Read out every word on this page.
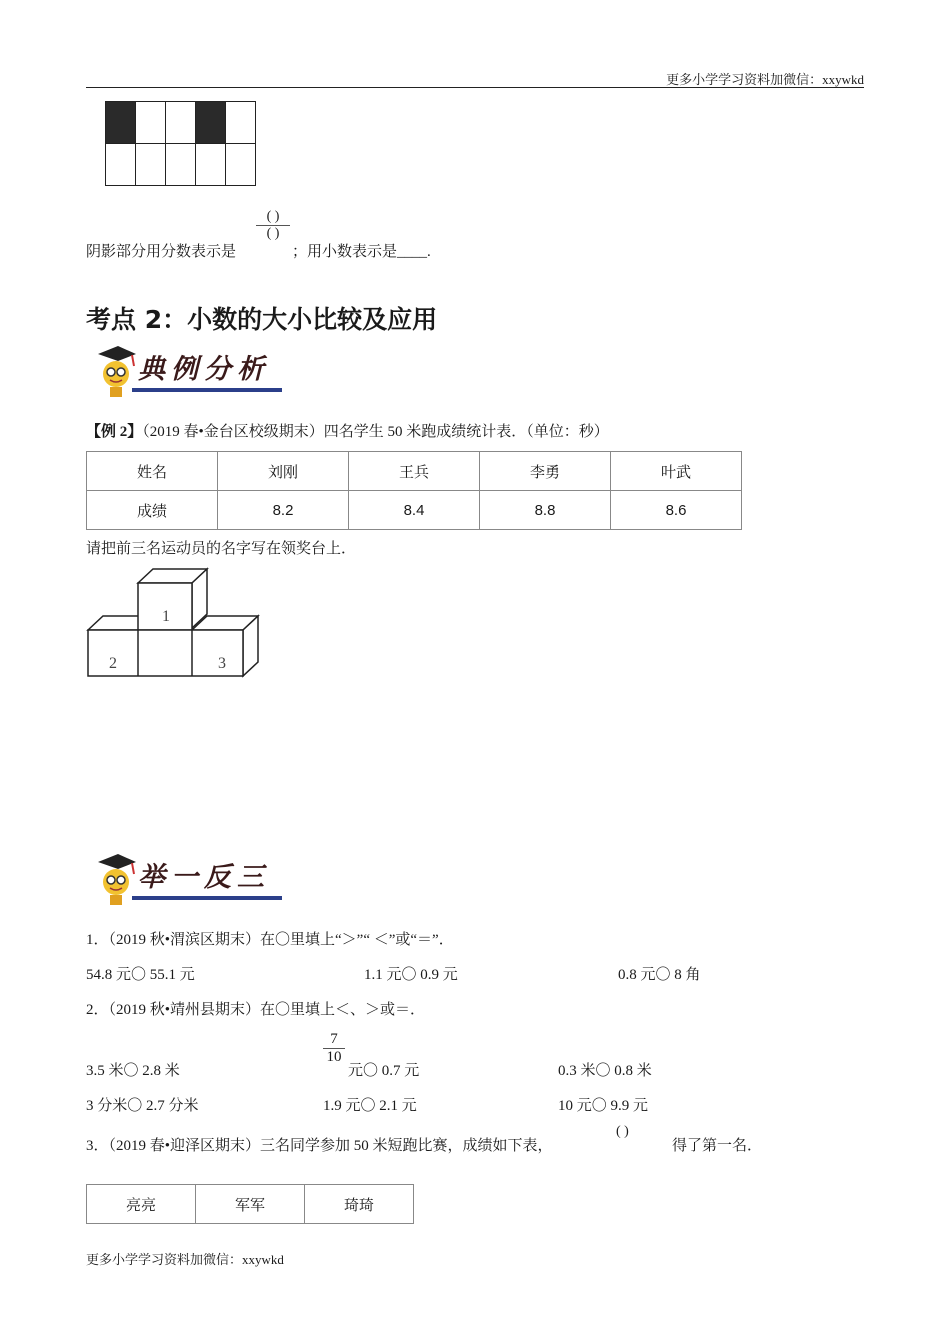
更多小学学习资料加微信：xxywkd

阴影部分用分数表示是
( )
( )
；用小数表示是____.
考点 2：小数的大小比较及应用
典例分析
【例 2】（2019 春•金台区校级期末）四名学生 50 米跑成绩统计表．（单位：秒）
姓名	刘刚	王兵	李勇	叶武
成绩	8.2	8.4	8.8	8.6
请把前三名运动员的名字写在领奖台上．
1
2	3
举一反三
1．（2019 秋•渭滨区期末）在〇里填上“＞”“ ＜”或“＝”．
54.8 元〇 55.1 元	1.1 元〇 0.9 元	0.8 元〇 8 角
2．（2019 秋•靖州县期末）在〇里填上＜、＞或＝．
$\frac{7}{10}$
3.5 米〇 2.8 米	元〇 0.7 元	0.3 米〇 0.8 米
3 分米〇 2.7 分米	1.9 元〇 2.1 元	10 元〇 9.9 元
3．（2019 春•迎泽区期末）三名同学参加 50 米短跑比赛，成绩如下表，
( )
得了第一名．
亮亮	军军	琦琦
更多小学学习资料加微信：xxywkd
